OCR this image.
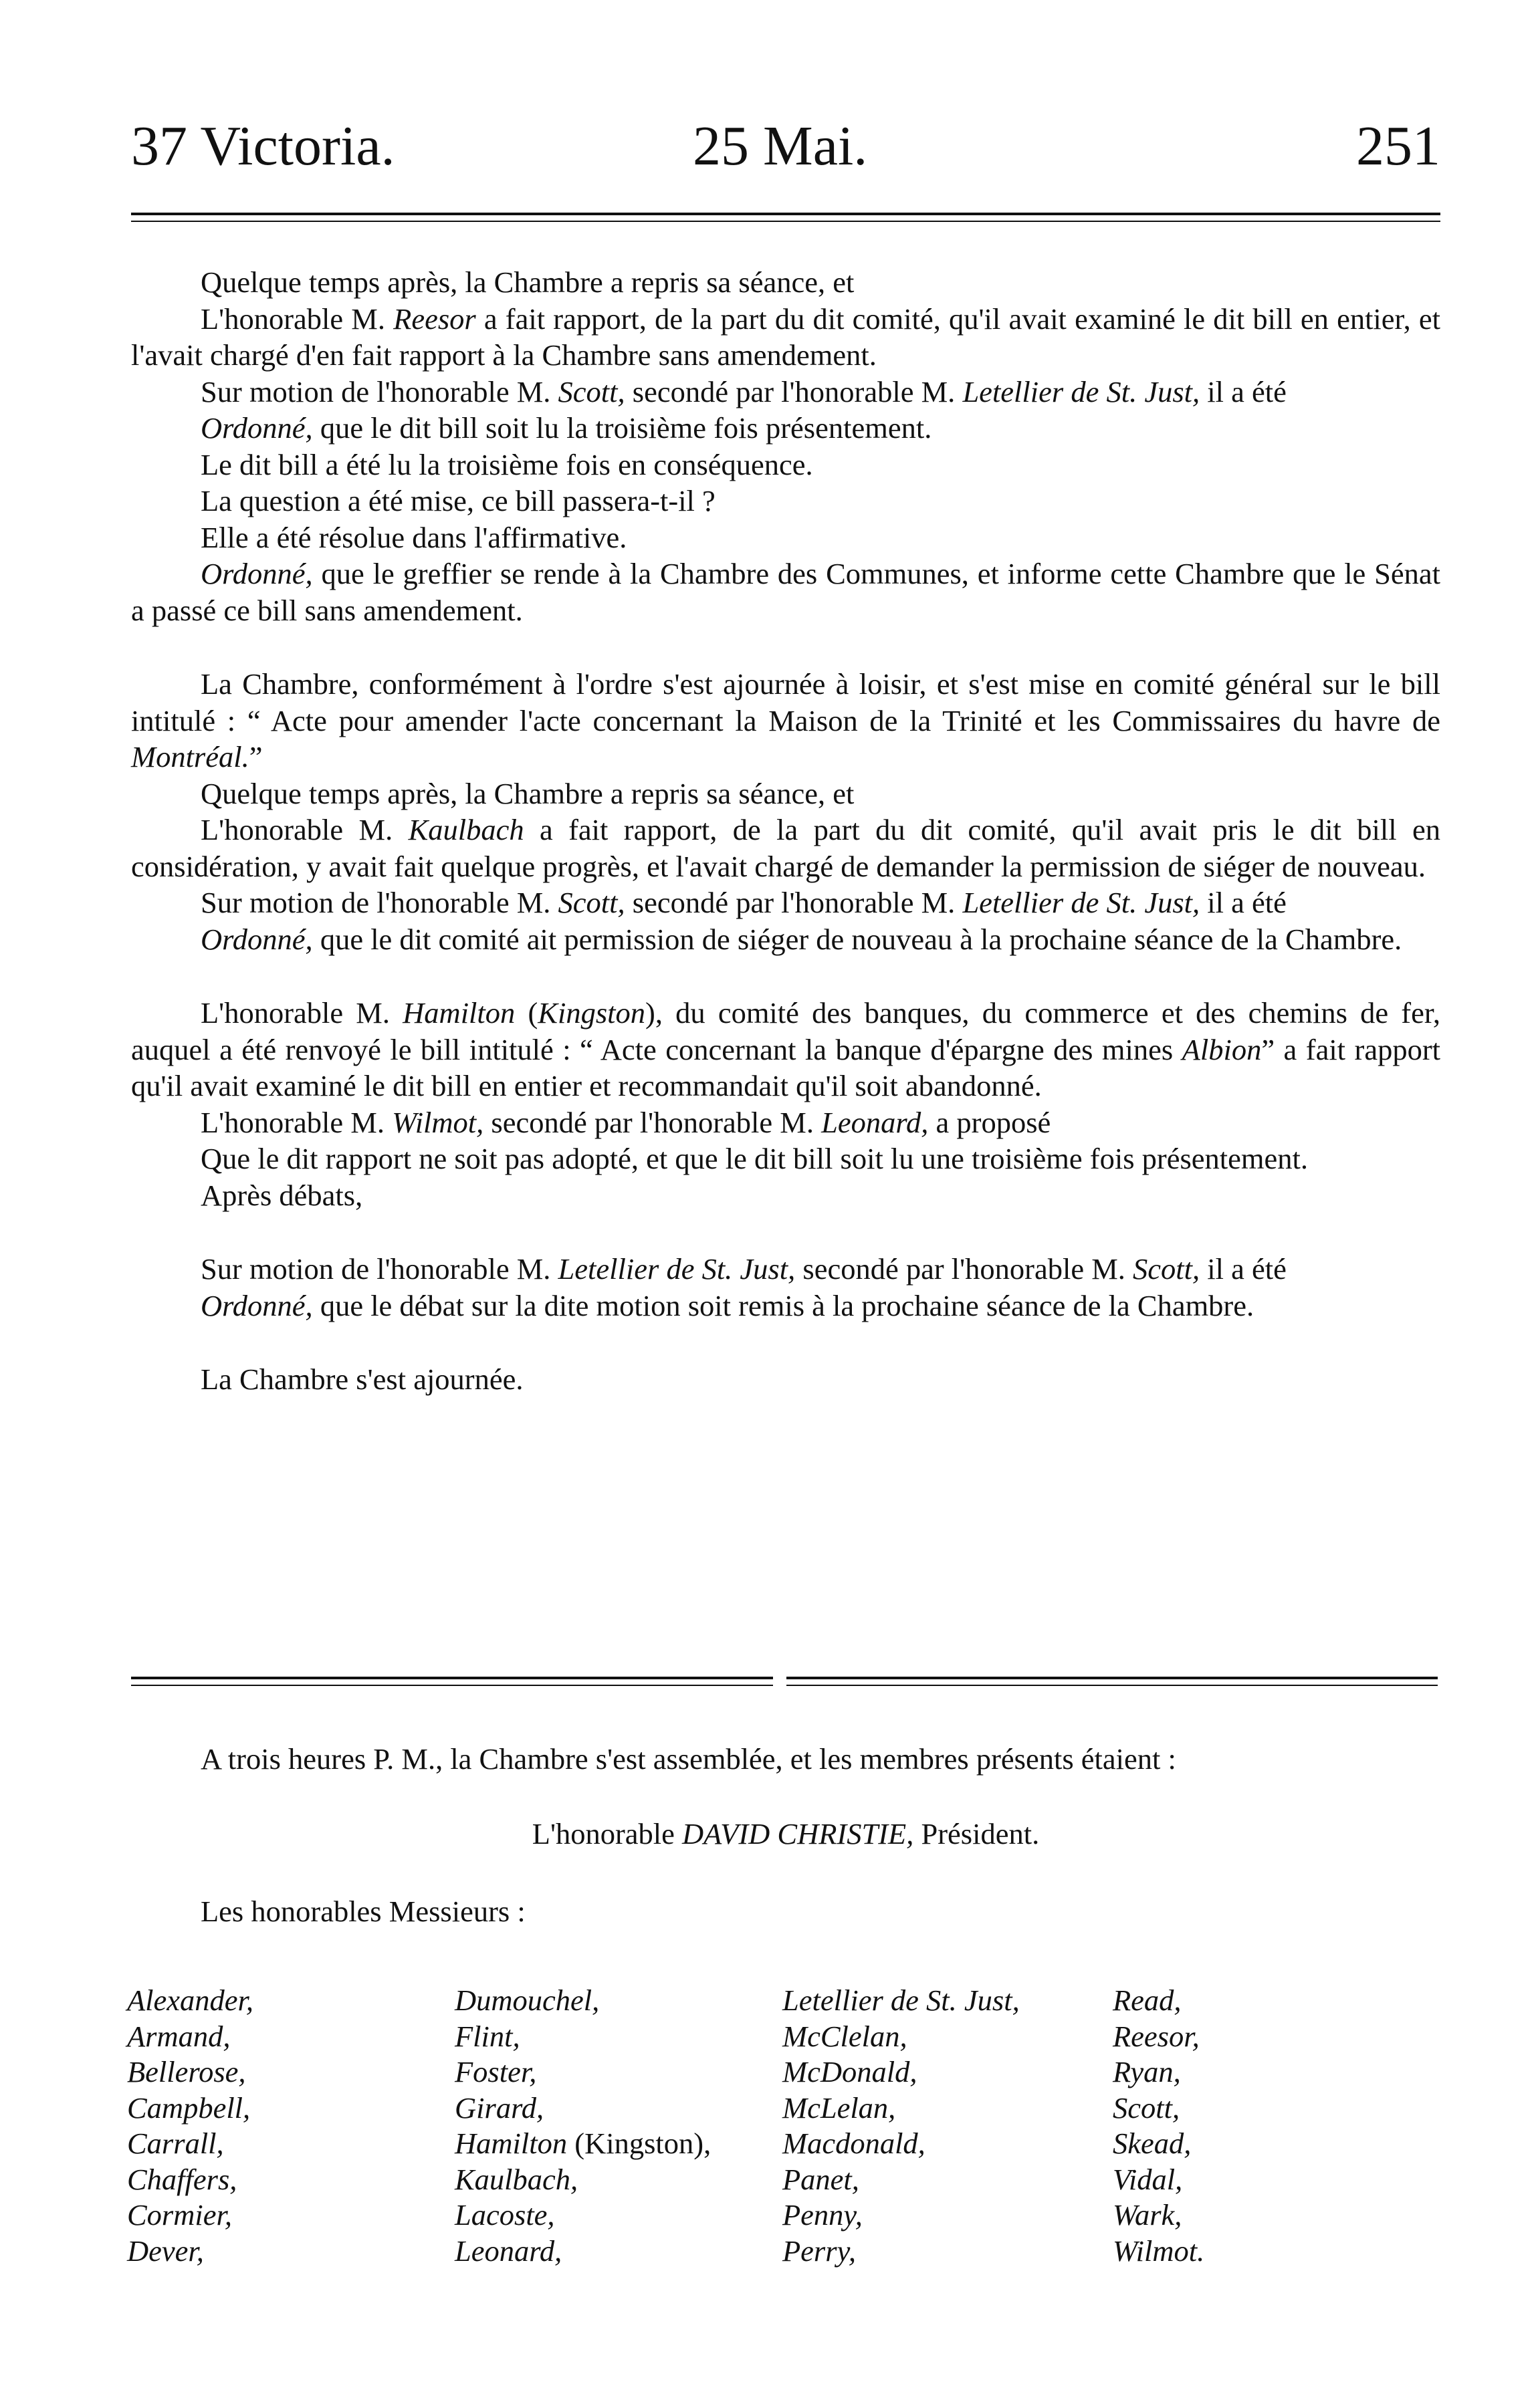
37 Victoria.	25 Mai.	251

Quelque temps après, la Chambre a repris sa séance, et

L'honorable M. Reesor a fait rapport, de la part du dit comité, qu'il avait examiné le dit bill en entier, et l'avait chargé d'en fait rapport à la Chambre sans amendement.

Sur motion de l'honorable M. Scott, secondé par l'honorable M. Letellier de St. Just, il a été

Ordonné, que le dit bill soit lu la troisième fois présentement.

Le dit bill a été lu la troisième fois en conséquence.

La question a été mise, ce bill passera-t-il ?

Elle a été résolue dans l'affirmative.

Ordonné, que le greffier se rende à la Chambre des Communes, et informe cette Chambre que le Sénat a passé ce bill sans amendement.

La Chambre, conformément à l'ordre s'est ajournée à loisir, et s'est mise en comité général sur le bill intitulé : “ Acte pour amender l'acte concernant la Maison de la Trinité et les Commissaires du havre de Montréal.”

Quelque temps après, la Chambre a repris sa séance, et

L'honorable M. Kaulbach a fait rapport, de la part du dit comité, qu'il avait pris le dit bill en considération, y avait fait quelque progrès, et l'avait chargé de demander la permission de siéger de nouveau.

Sur motion de l'honorable M. Scott, secondé par l'honorable M. Letellier de St. Just, il a été

Ordonné, que le dit comité ait permission de siéger de nouveau à la prochaine séance de la Chambre.

L'honorable M. Hamilton (Kingston), du comité des banques, du commerce et des chemins de fer, auquel a été renvoyé le bill intitulé : “ Acte concernant la banque d'épargne des mines Albion” a fait rapport qu'il avait examiné le dit bill en entier et recommandait qu'il soit abandonné.

L'honorable M. Wilmot, secondé par l'honorable M. Leonard, a proposé

Que le dit rapport ne soit pas adopté, et que le dit bill soit lu une troisième fois présentement.

Après débats,

Sur motion de l'honorable M. Letellier de St. Just, secondé par l'honorable M. Scott, il a été

Ordonné, que le débat sur la dite motion soit remis à la prochaine séance de la Chambre.

La Chambre s'est ajournée.

A trois heures P. M., la Chambre s'est assemblée, et les membres présents étaient :

L'honorable DAVID CHRISTIE, Président.

Les honorables Messieurs :

Alexander,
Armand,
Bellerose,
Campbell,
Carrall,
Chaffers,
Cormier,
Dever,
Dumouchel,
Flint,
Foster,
Girard,
Hamilton (Kingston),
Kaulbach,
Lacoste,
Leonard,
Letellier de St. Just,
McClelan,
McDonald,
McLelan,
Macdonald,
Panet,
Penny,
Perry,
Read,
Reesor,
Ryan,
Scott,
Skead,
Vidal,
Wark,
Wilmot.
